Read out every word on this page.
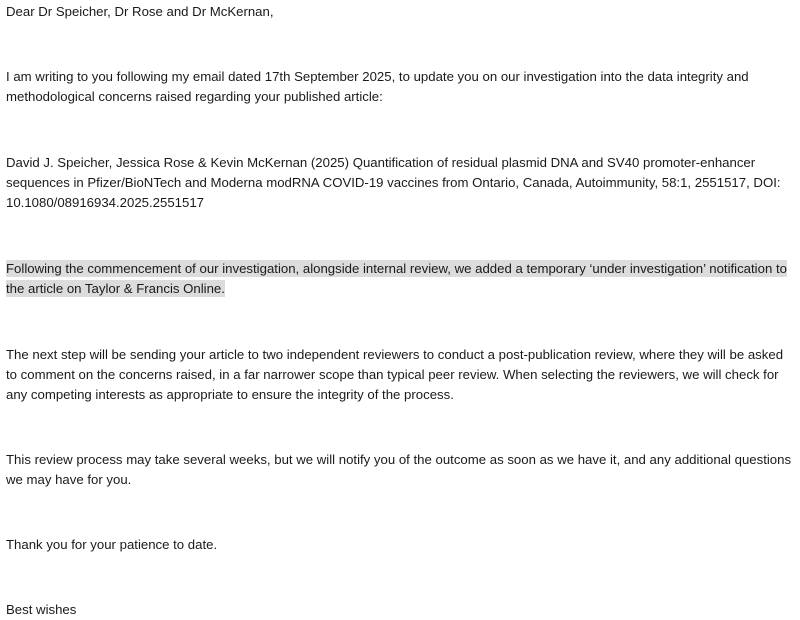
Dear Dr Speicher, Dr Rose and Dr McKernan,

I am writing to you following my email dated 17th September 2025, to update you on our investigation into the data integrity and methodological concerns raised regarding your published article:

David J. Speicher, Jessica Rose & Kevin McKernan (2025) Quantification of residual plasmid DNA and SV40 promoter-enhancer sequences in Pfizer/BioNTech and Moderna modRNA COVID-19 vaccines from Ontario, Canada, Autoimmunity, 58:1, 2551517, DOI: 10.1080/08916934.2025.2551517

Following the commencement of our investigation, alongside internal review, we added a temporary ‘under investigation’ notification to the article on Taylor & Francis Online.

The next step will be sending your article to two independent reviewers to conduct a post-publication review, where they will be asked to comment on the concerns raised, in a far narrower scope than typical peer review. When selecting the reviewers, we will check for any competing interests as appropriate to ensure the integrity of the process.

This review process may take several weeks, but we will notify you of the outcome as soon as we have it, and any additional questions we may have for you.

Thank you for your patience to date.

Best wishes
